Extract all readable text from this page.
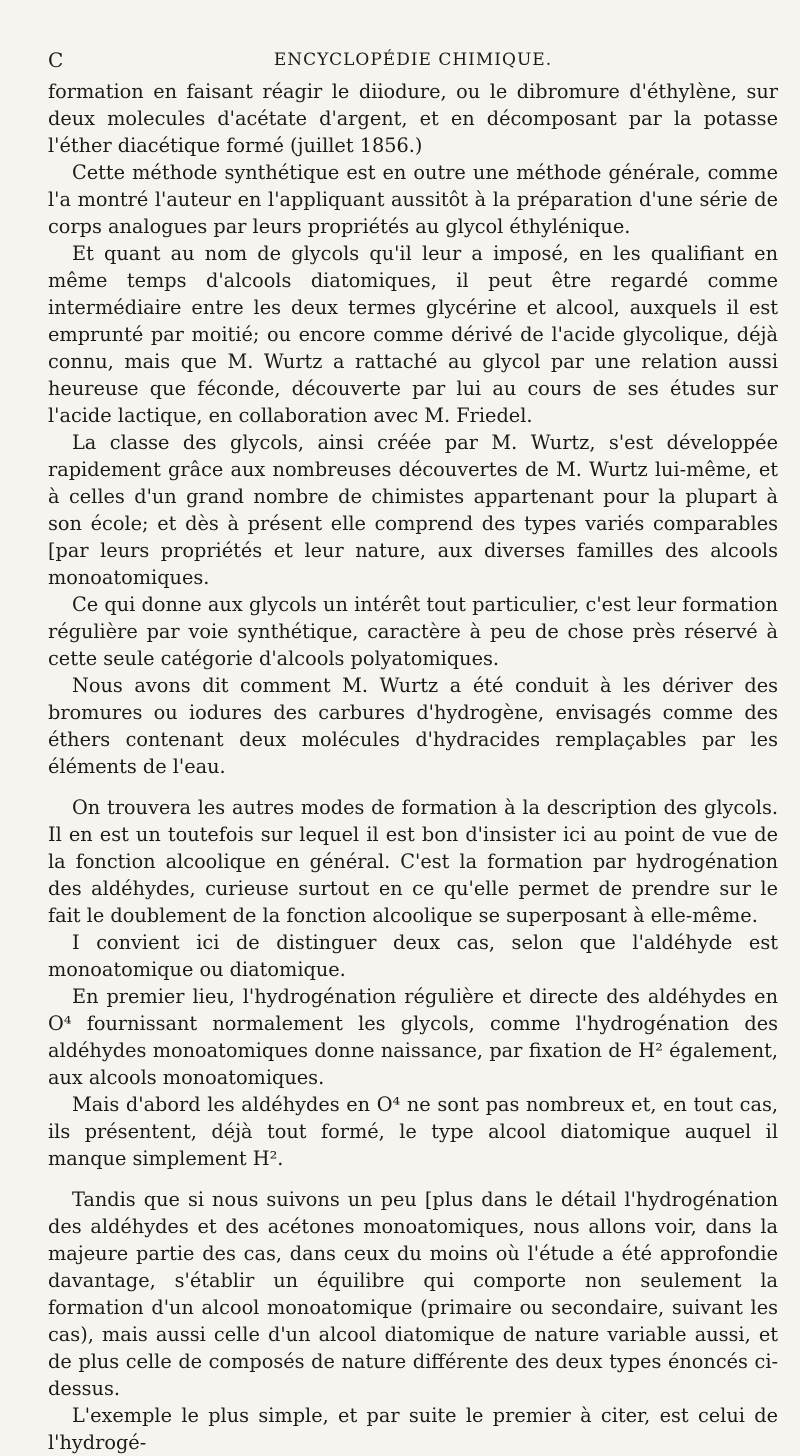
C	ENCYCLOPÉDIE CHIMIQUE.

formation en faisant réagir le diiodure, ou le dibromure d'éthylène, sur deux molecules d'acétate d'argent, et en décomposant par la potasse l'éther diacétique formé (juillet 1856.)

Cette méthode synthétique est en outre une méthode générale, comme l'a montré l'auteur en l'appliquant aussitôt à la préparation d'une série de corps analogues par leurs propriétés au glycol éthylénique.

Et quant au nom de glycols qu'il leur a imposé, en les qualifiant en même temps d'alcools diatomiques, il peut être regardé comme intermédiaire entre les deux termes glycérine et alcool, auxquels il est emprunté par moitié; ou encore comme dérivé de l'acide glycolique, déjà connu, mais que M. Wurtz a rattaché au glycol par une relation aussi heureuse que féconde, découverte par lui au cours de ses études sur l'acide lactique, en collaboration avec M. Friedel.

La classe des glycols, ainsi créée par M. Wurtz, s'est développée rapidement grâce aux nombreuses découvertes de M. Wurtz lui-même, et à celles d'un grand nombre de chimistes appartenant pour la plupart à son école; et dès à présent elle comprend des types variés comparables [par leurs propriétés et leur nature, aux diverses familles des alcools monoatomiques.

Ce qui donne aux glycols un intérêt tout particulier, c'est leur formation régulière par voie synthétique, caractère à peu de chose près réservé à cette seule catégorie d'alcools polyatomiques.

Nous avons dit comment M. Wurtz a été conduit à les dériver des bromures ou iodures des carbures d'hydrogène, envisagés comme des éthers contenant deux molécules d'hydracides remplaçables par les éléments de l'eau.

On trouvera les autres modes de formation à la description des glycols. Il en est un toutefois sur lequel il est bon d'insister ici au point de vue de la fonction alcoolique en général. C'est la formation par hydrogénation des aldéhydes, curieuse surtout en ce qu'elle permet de prendre sur le fait le doublement de la fonction alcoolique se superposant à elle-même.

I convient ici de distinguer deux cas, selon que l'aldéhyde est monoatomique ou diatomique.

En premier lieu, l'hydrogénation régulière et directe des aldéhydes en O⁴ fournissant normalement les glycols, comme l'hydrogénation des aldéhydes monoatomiques donne naissance, par fixation de H² également, aux alcools monoatomiques.

Mais d'abord les aldéhydes en O⁴ ne sont pas nombreux et, en tout cas, ils présentent, déjà tout formé, le type alcool diatomique auquel il manque simplement H².

Tandis que si nous suivons un peu [plus dans le détail l'hydrogénation des aldéhydes et des acétones monoatomiques, nous allons voir, dans la majeure partie des cas, dans ceux du moins où l'étude a été approfondie davantage, s'établir un équilibre qui comporte non seulement la formation d'un alcool monoatomique (primaire ou secondaire, suivant les cas), mais aussi celle d'un alcool diatomique de nature variable aussi, et de plus celle de composés de nature différente des deux types énoncés ci-dessus.

L'exemple le plus simple, et par suite le premier à citer, est celui de l'hydrogé-
